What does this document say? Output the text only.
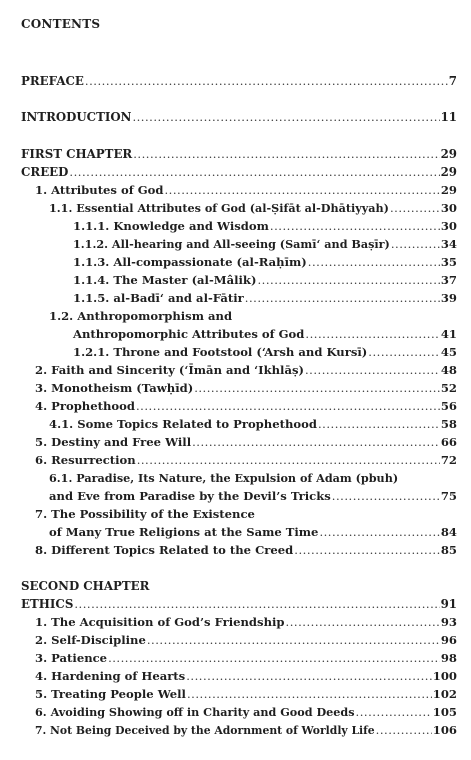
CONTENTS
PREFACE .....	7
INTRODUCTION .....	11
FIRST CHAPTER .....	29
CREED .....	29
1. Attributes of God .....	29
1.1. Essential Attributes of God (al-Ṣifāt al-Dhātiyyah) .....	30
1.1.1. Knowledge and Wisdom .....	30
1.1.2. All-hearing and All-seeing (Samī‘ and Baṣīr) .....	34
1.1.3. All-compassionate (al-Raḥīm) .....	35
1.1.4. The Master (al-Mâlik) .....	37
1.1.5. al-Badī‘ and al-Fātir .....	39
1.2. Anthropomorphism and
Anthropomorphic Attributes of God .....	41
1.2.1. Throne and Footstool (‘Arsh and Kursī) .....	45
2. Faith and Sincerity (‘Īmān and ‘Ikhlāṣ) .....	48
3. Monotheism (Tawḥīd) .....	52
4. Prophethood .....	56
4.1. Some Topics Related to Prophethood .....	58
5. Destiny and Free Will .....	66
6. Resurrection .....	72
6.1. Paradise, Its Nature, the Expulsion of Adam (pbuh)
and Eve from Paradise by the Devil’s Tricks .....	75
7. The Possibility of the Existence
of Many True Religions at the Same Time .....	84
8. Different Topics Related to the Creed .....	85
SECOND CHAPTER
ETHICS .....	91
1. The Acquisition of God’s Friendship .....	93
2. Self-Discipline .....	96
3. Patience .....	98
4. Hardening of Hearts .....	100
5. Treating People Well .....	102
6. Avoiding Showing off in Charity and Good Deeds .....	105
7. Not Being Deceived by the Adornment of Worldly Life .....	106
